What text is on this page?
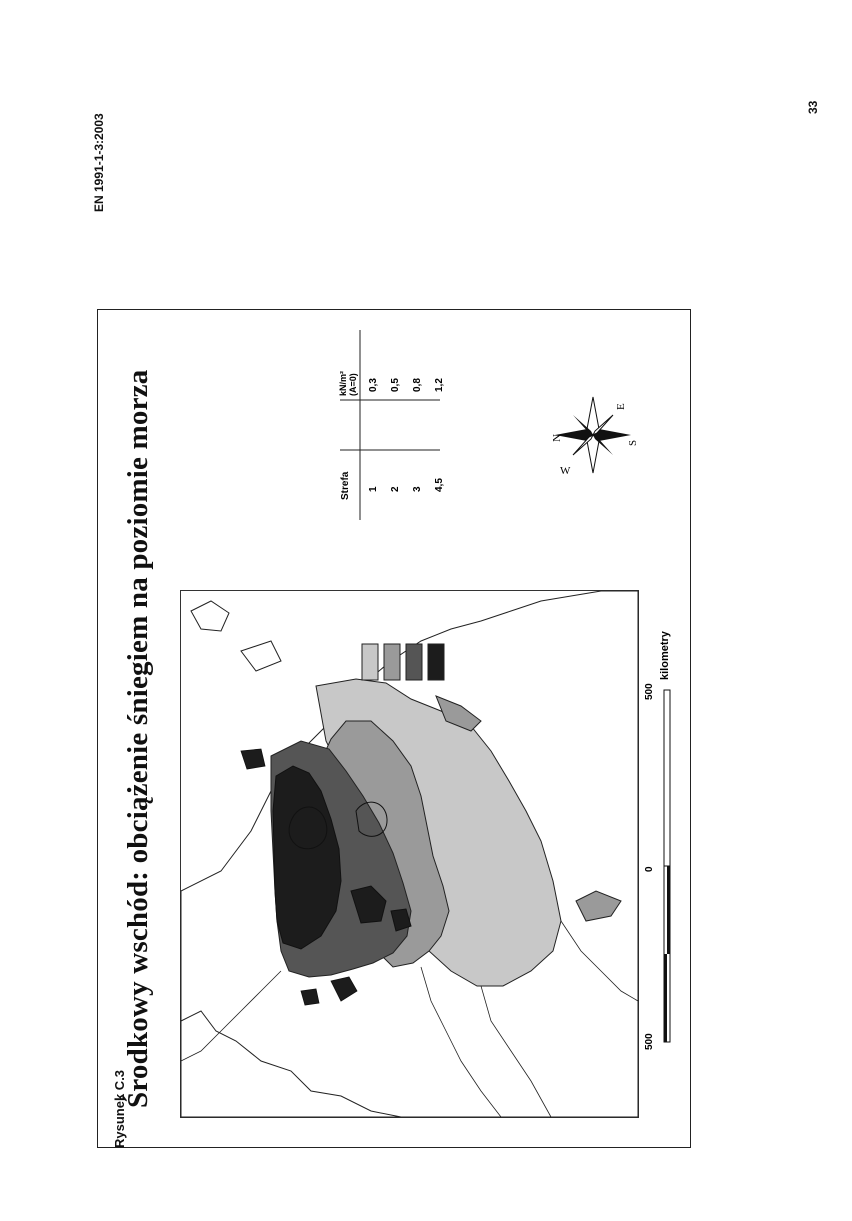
EN 1991-1-3:2003
33
Środkowy wschód: obciążenie śniegiem na poziomie morza	Strefa
kN/m² (A=0)
1
0,3
2
0,5
3
0,8
4,5
1,2
W
N
E
S
500
0
500
kilometry
Rysunek C.3
